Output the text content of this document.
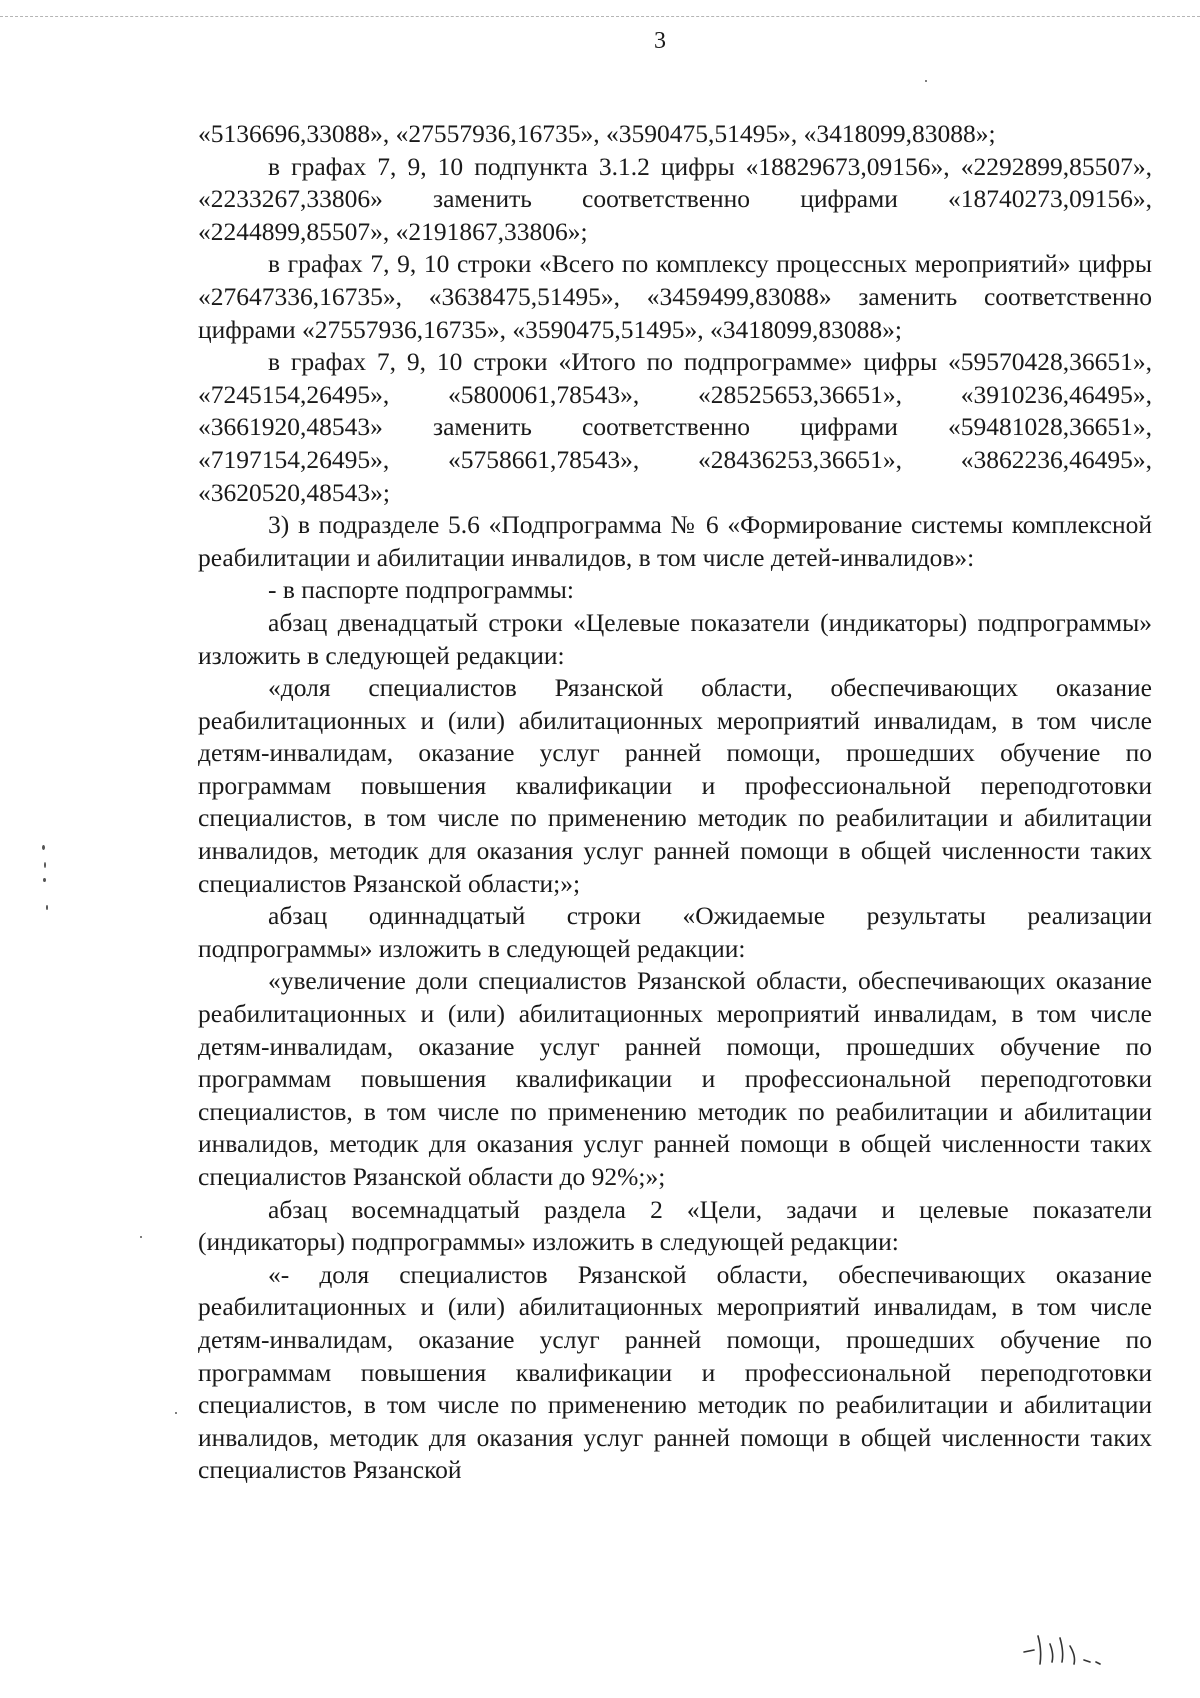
3

«5136696,33088», «27557936,16735», «3590475,51495», «3418099,83088»;

в графах 7, 9, 10 подпункта 3.1.2 цифры «18829673,09156», «2292899,85507», «2233267,33806» заменить соответственно цифрами «18740273,09156», «2244899,85507», «2191867,33806»;

в графах 7, 9, 10 строки «Всего по комплексу процессных мероприятий» цифры «27647336,16735», «3638475,51495», «3459499,83088» заменить соответственно цифрами «27557936,16735», «3590475,51495», «3418099,83088»;

в графах 7, 9, 10 строки «Итого по подпрограмме» цифры «59570428,36651», «7245154,26495», «5800061,78543», «28525653,36651», «3910236,46495», «3661920,48543» заменить соответственно цифрами «59481028,36651», «7197154,26495», «5758661,78543», «28436253,36651», «3862236,46495», «3620520,48543»;

3) в подразделе 5.6 «Подпрограмма № 6 «Формирование системы комплексной реабилитации и абилитации инвалидов, в том числе детей-инвалидов»:

- в паспорте подпрограммы:

абзац двенадцатый строки «Целевые показатели (индикаторы) подпрограммы» изложить в следующей редакции:

«доля специалистов Рязанской области, обеспечивающих оказание реабилитационных и (или) абилитационных мероприятий инвалидам, в том числе детям-инвалидам, оказание услуг ранней помощи, прошедших обучение по программам повышения квалификации и профессиональной переподготовки специалистов, в том числе по применению методик по реабилитации и абилитации инвалидов, методик для оказания услуг ранней помощи в общей численности таких специалистов Рязанской области;»;

абзац одиннадцатый строки «Ожидаемые результаты реализации подпрограммы» изложить в следующей редакции:

«увеличение доли специалистов Рязанской области, обеспечивающих оказание реабилитационных и (или) абилитационных мероприятий инвалидам, в том числе детям-инвалидам, оказание услуг ранней помощи, прошедших обучение по программам повышения квалификации и профессиональной переподготовки специалистов, в том числе по применению методик по реабилитации и абилитации инвалидов, методик для оказания услуг ранней помощи в общей численности таких специалистов Рязанской области до 92%;»;

абзац восемнадцатый раздела 2 «Цели, задачи и целевые показатели (индикаторы) подпрограммы» изложить в следующей редакции:

«- доля специалистов Рязанской области, обеспечивающих оказание реабилитационных и (или) абилитационных мероприятий инвалидам, в том числе детям-инвалидам, оказание услуг ранней помощи, прошедших обучение по программам повышения квалификации и профессиональной переподготовки специалистов, в том числе по применению методик по реабилитации и абилитации инвалидов, методик для оказания услуг ранней помощи в общей численности таких специалистов Рязанской
